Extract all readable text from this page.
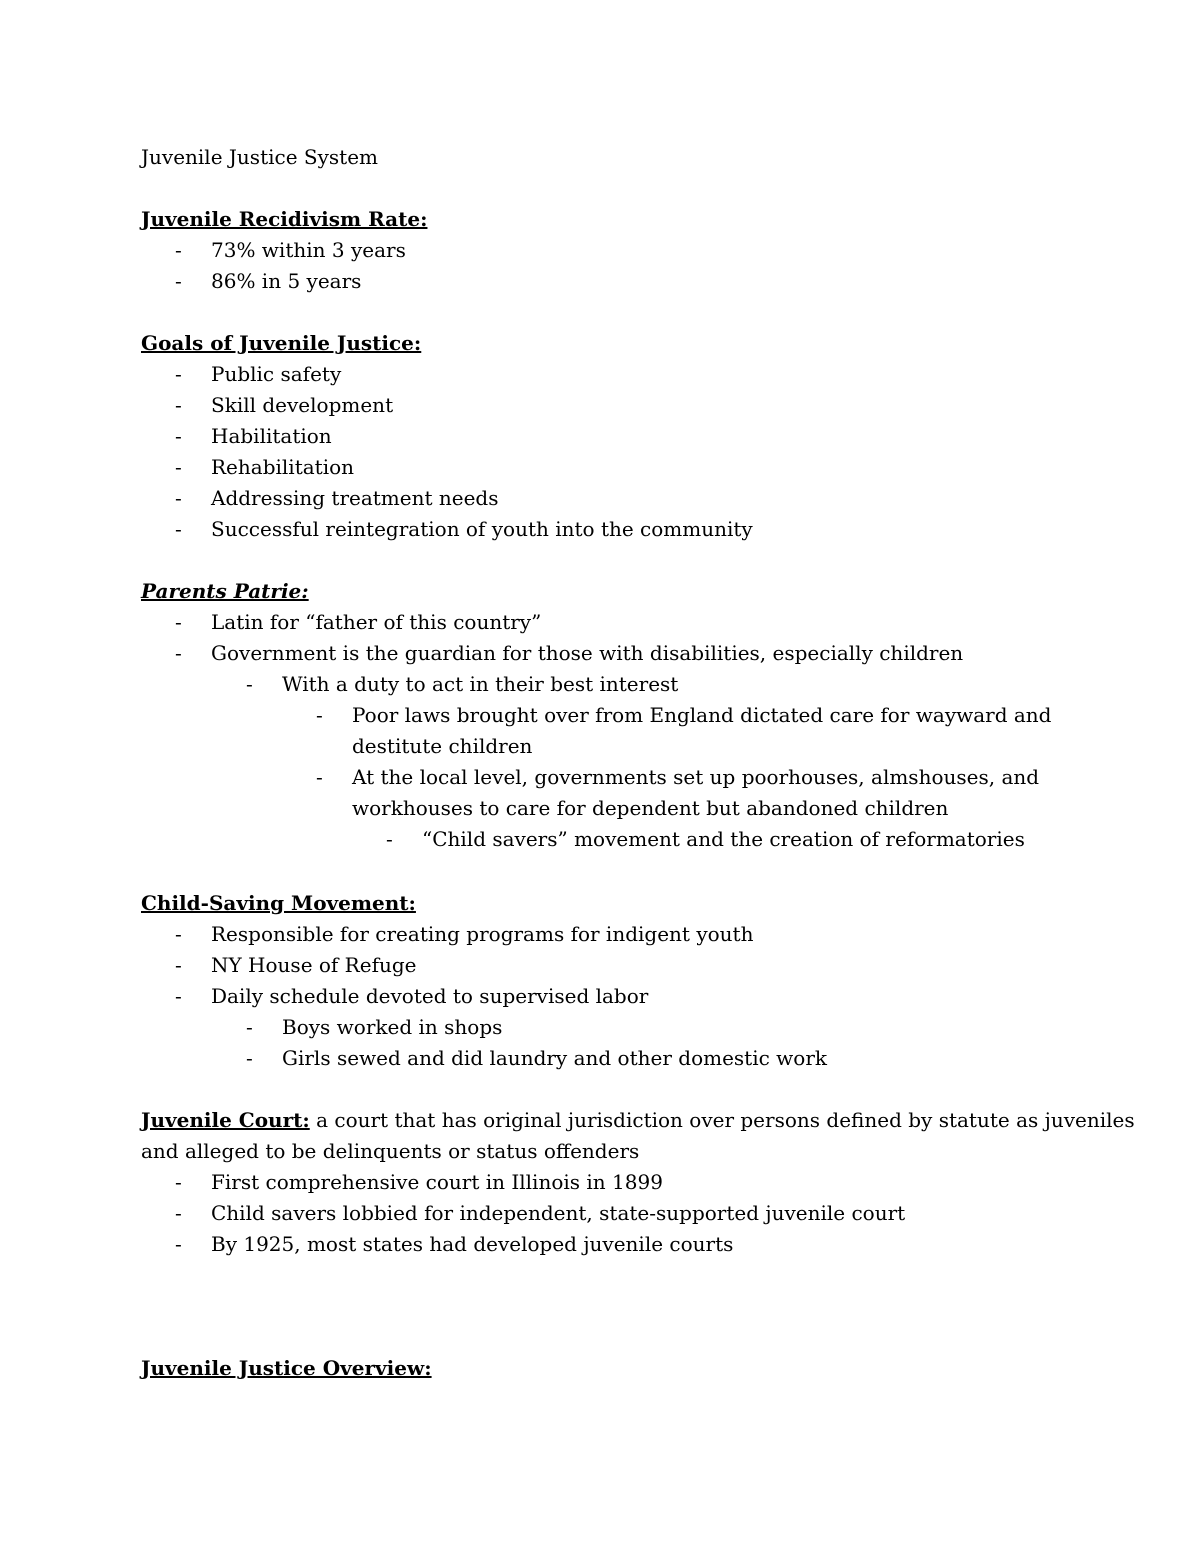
Juvenile Justice System
Juvenile Recidivism Rate:
-	73% within 3 years
-	86% in 5 years
Goals of Juvenile Justice:
-	Public safety
-	Skill development
-	Habilitation
-	Rehabilitation
-	Addressing treatment needs
-	Successful reintegration of youth into the community
Parents Patrie:
-	Latin for “father of this country”
-	Government is the guardian for those with disabilities, especially children
-	With a duty to act in their best interest
-	Poor laws brought over from England dictated care for wayward and
destitute children
-	At the local level, governments set up poorhouses, almshouses, and
workhouses to care for dependent but abandoned children
-	“Child savers” movement and the creation of reformatories
Child-Saving Movement:
-	Responsible for creating programs for indigent youth
-	NY House of Refuge
-	Daily schedule devoted to supervised labor
-	Boys worked in shops
-	Girls sewed and did laundry and other domestic work
Juvenile Court: a court that has original jurisdiction over persons defined by statute as juveniles
and alleged to be delinquents or status offenders
-	First comprehensive court in Illinois in 1899
-	Child savers lobbied for independent, state-supported juvenile court
-	By 1925, most states had developed juvenile courts
Juvenile Justice Overview:
